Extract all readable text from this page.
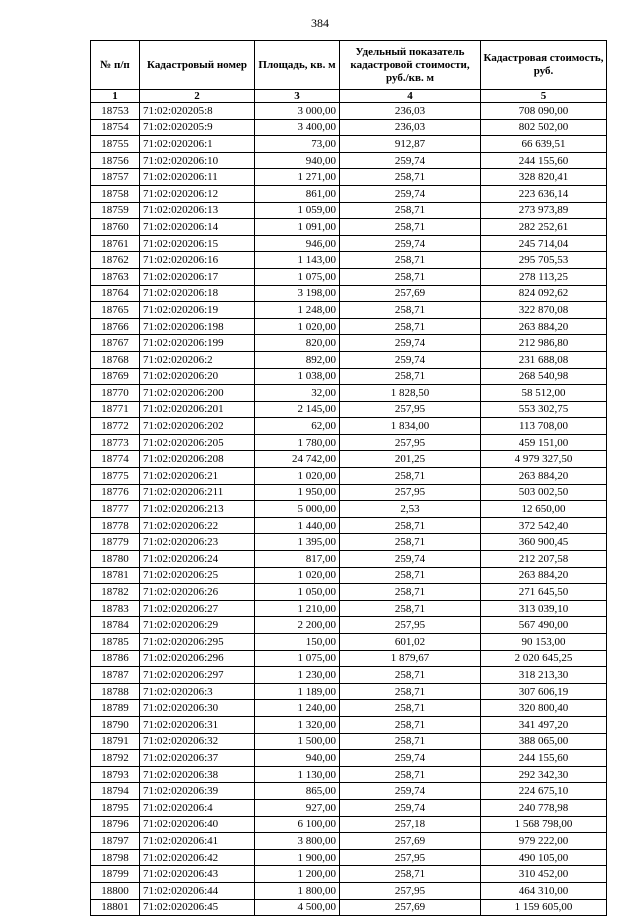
384
№ п/п	Кадастровый номер	Площадь, кв. м	Удельный показатель кадастровой стоимости, руб./кв. м	Кадастровая стоимость, руб.
1	2	3	4	5
18753	71:02:020205:8	3 000,00	236,03	708 090,00
18754	71:02:020205:9	3 400,00	236,03	802 502,00
18755	71:02:020206:1	73,00	912,87	66 639,51
18756	71:02:020206:10	940,00	259,74	244 155,60
18757	71:02:020206:11	1 271,00	258,71	328 820,41
18758	71:02:020206:12	861,00	259,74	223 636,14
18759	71:02:020206:13	1 059,00	258,71	273 973,89
18760	71:02:020206:14	1 091,00	258,71	282 252,61
18761	71:02:020206:15	946,00	259,74	245 714,04
18762	71:02:020206:16	1 143,00	258,71	295 705,53
18763	71:02:020206:17	1 075,00	258,71	278 113,25
18764	71:02:020206:18	3 198,00	257,69	824 092,62
18765	71:02:020206:19	1 248,00	258,71	322 870,08
18766	71:02:020206:198	1 020,00	258,71	263 884,20
18767	71:02:020206:199	820,00	259,74	212 986,80
18768	71:02:020206:2	892,00	259,74	231 688,08
18769	71:02:020206:20	1 038,00	258,71	268 540,98
18770	71:02:020206:200	32,00	1 828,50	58 512,00
18771	71:02:020206:201	2 145,00	257,95	553 302,75
18772	71:02:020206:202	62,00	1 834,00	113 708,00
18773	71:02:020206:205	1 780,00	257,95	459 151,00
18774	71:02:020206:208	24 742,00	201,25	4 979 327,50
18775	71:02:020206:21	1 020,00	258,71	263 884,20
18776	71:02:020206:211	1 950,00	257,95	503 002,50
18777	71:02:020206:213	5 000,00	2,53	12 650,00
18778	71:02:020206:22	1 440,00	258,71	372 542,40
18779	71:02:020206:23	1 395,00	258,71	360 900,45
18780	71:02:020206:24	817,00	259,74	212 207,58
18781	71:02:020206:25	1 020,00	258,71	263 884,20
18782	71:02:020206:26	1 050,00	258,71	271 645,50
18783	71:02:020206:27	1 210,00	258,71	313 039,10
18784	71:02:020206:29	2 200,00	257,95	567 490,00
18785	71:02:020206:295	150,00	601,02	90 153,00
18786	71:02:020206:296	1 075,00	1 879,67	2 020 645,25
18787	71:02:020206:297	1 230,00	258,71	318 213,30
18788	71:02:020206:3	1 189,00	258,71	307 606,19
18789	71:02:020206:30	1 240,00	258,71	320 800,40
18790	71:02:020206:31	1 320,00	258,71	341 497,20
18791	71:02:020206:32	1 500,00	258,71	388 065,00
18792	71:02:020206:37	940,00	259,74	244 155,60
18793	71:02:020206:38	1 130,00	258,71	292 342,30
18794	71:02:020206:39	865,00	259,74	224 675,10
18795	71:02:020206:4	927,00	259,74	240 778,98
18796	71:02:020206:40	6 100,00	257,18	1 568 798,00
18797	71:02:020206:41	3 800,00	257,69	979 222,00
18798	71:02:020206:42	1 900,00	257,95	490 105,00
18799	71:02:020206:43	1 200,00	258,71	310 452,00
18800	71:02:020206:44	1 800,00	257,95	464 310,00
18801	71:02:020206:45	4 500,00	257,69	1 159 605,00
